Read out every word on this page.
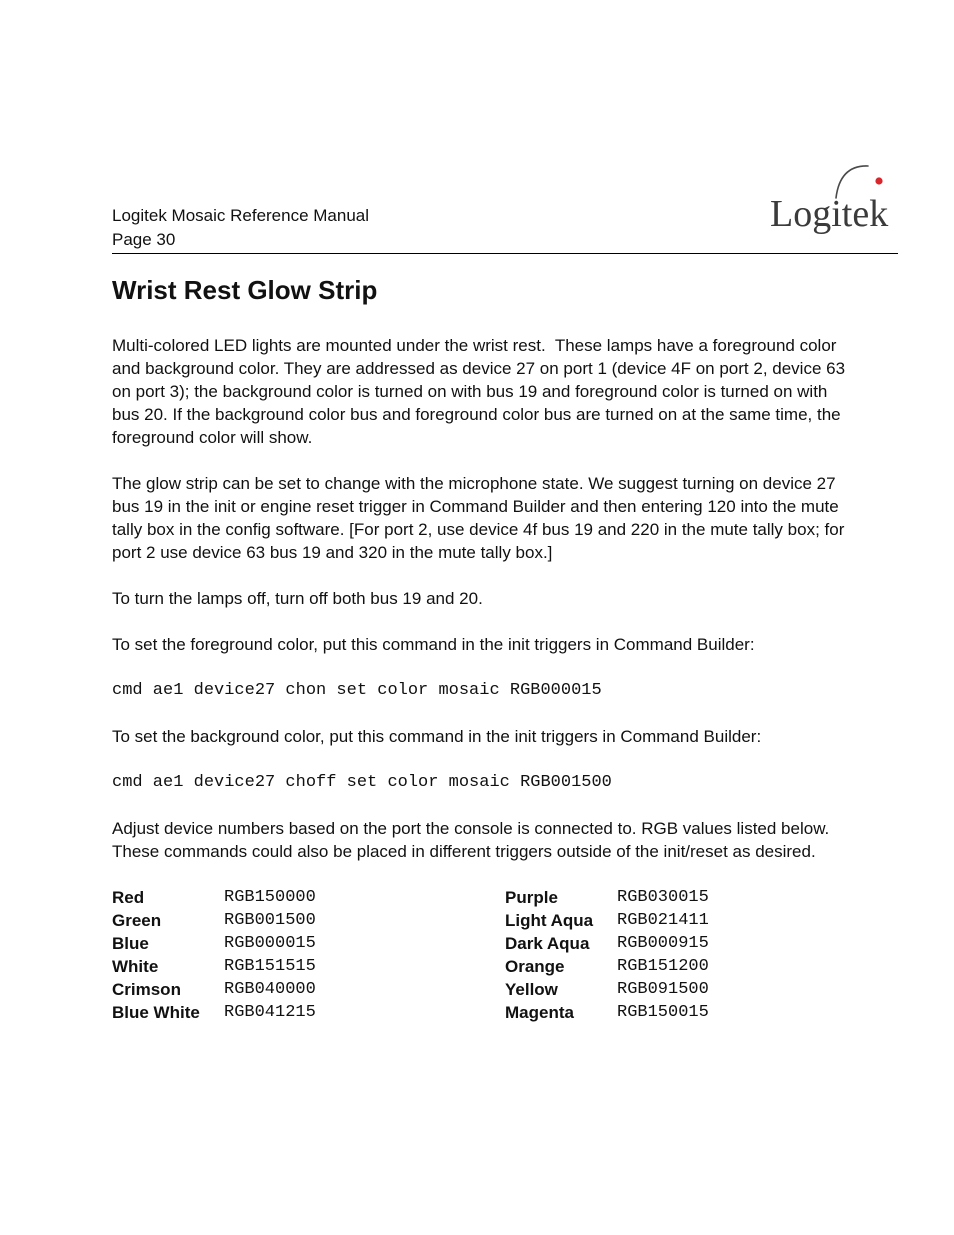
Logitek Mosaic Reference Manual
Page 30
Logitek
Wrist Rest Glow Strip
Multi-colored LED lights are mounted under the wrist rest.  These lamps have a foreground color
and background color. They are addressed as device 27 on port 1 (device 4F on port 2, device 63
on port 3); the background color is turned on with bus 19 and foreground color is turned on with
bus 20. If the background color bus and foreground color bus are turned on at the same time, the
foreground color will show.
The glow strip can be set to change with the microphone state. We suggest turning on device 27
bus 19 in the init or engine reset trigger in Command Builder and then entering 120 into the mute
tally box in the config software. [For port 2, use device 4f bus 19 and 220 in the mute tally box; for
port 2 use device 63 bus 19 and 320 in the mute tally box.]
To turn the lamps off, turn off both bus 19 and 20.
To set the foreground color, put this command in the init triggers in Command Builder:
cmd ae1 device27 chon set color mosaic RGB000015
To set the background color, put this command in the init triggers in Command Builder:
cmd ae1 device27 choff set color mosaic RGB001500
Adjust device numbers based on the port the console is connected to. RGB values listed below.
These commands could also be placed in different triggers outside of the init/reset as desired.
Red	RGB150000
Green	RGB001500
Blue	RGB000015
White	RGB151515
Crimson	RGB040000
Blue White	RGB041215
Purple	RGB030015
Light Aqua	RGB021411
Dark Aqua	RGB000915
Orange	RGB151200
Yellow	RGB091500
Magenta	RGB150015
